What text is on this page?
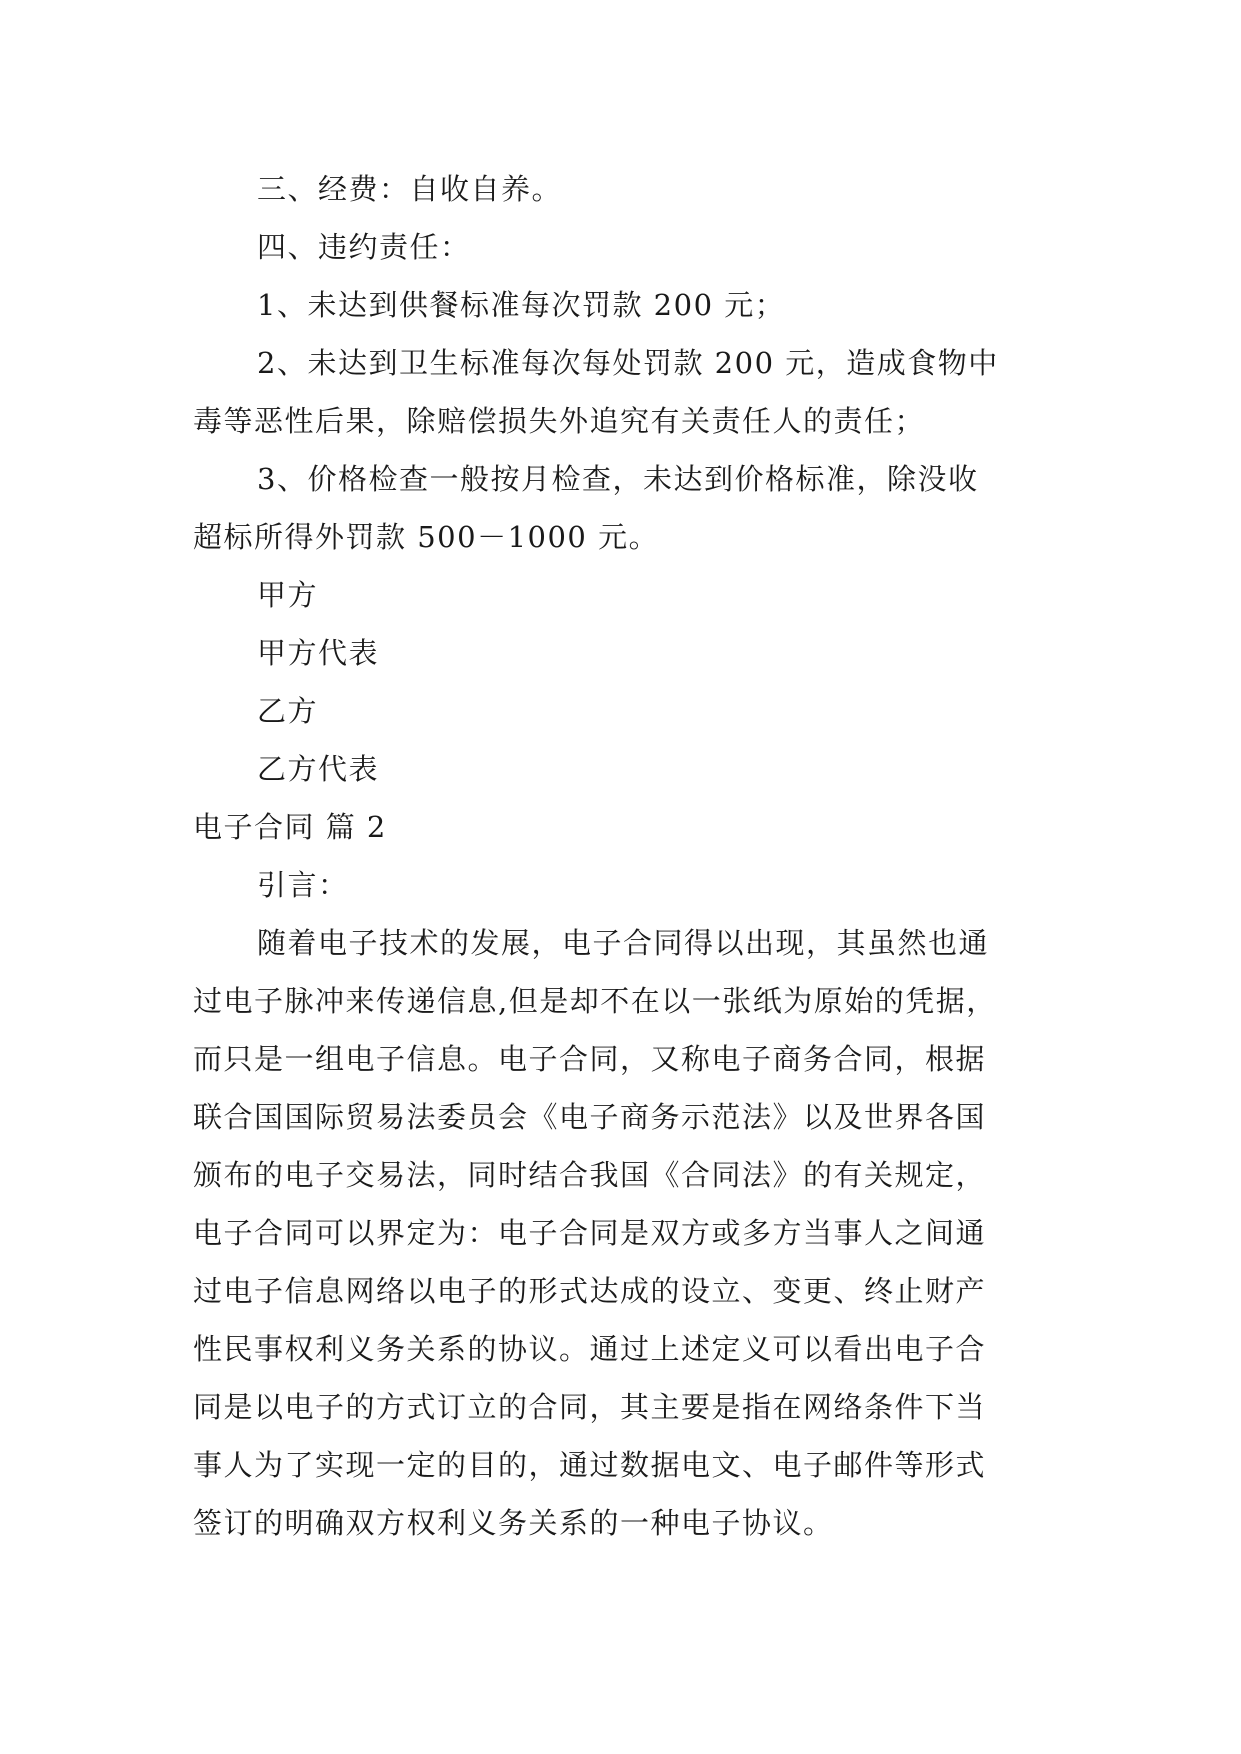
三、经费：自收自养。

四、违约责任：

1、未达到供餐标准每次罚款 200 元；

2、未达到卫生标准每次每处罚款 200 元，造成食物中

毒等恶性后果，除赔偿损失外追究有关责任人的责任；

3、价格检查一般按月检查，未达到价格标准，除没收

超标所得外罚款 500－1000 元。

甲方

甲方代表

乙方

乙方代表

电子合同 篇 2

引言：

随着电子技术的发展，电子合同得以出现，其虽然也通

过电子脉冲来传递信息,但是却不在以一张纸为原始的凭据，

而只是一组电子信息。电子合同，又称电子商务合同，根据

联合国国际贸易法委员会《电子商务示范法》以及世界各国

颁布的电子交易法，同时结合我国《合同法》的有关规定，

电子合同可以界定为：电子合同是双方或多方当事人之间通

过电子信息网络以电子的形式达成的设立、变更、终止财产

性民事权利义务关系的协议。通过上述定义可以看出电子合

同是以电子的方式订立的合同，其主要是指在网络条件下当

事人为了实现一定的目的，通过数据电文、电子邮件等形式

签订的明确双方权利义务关系的一种电子协议。
